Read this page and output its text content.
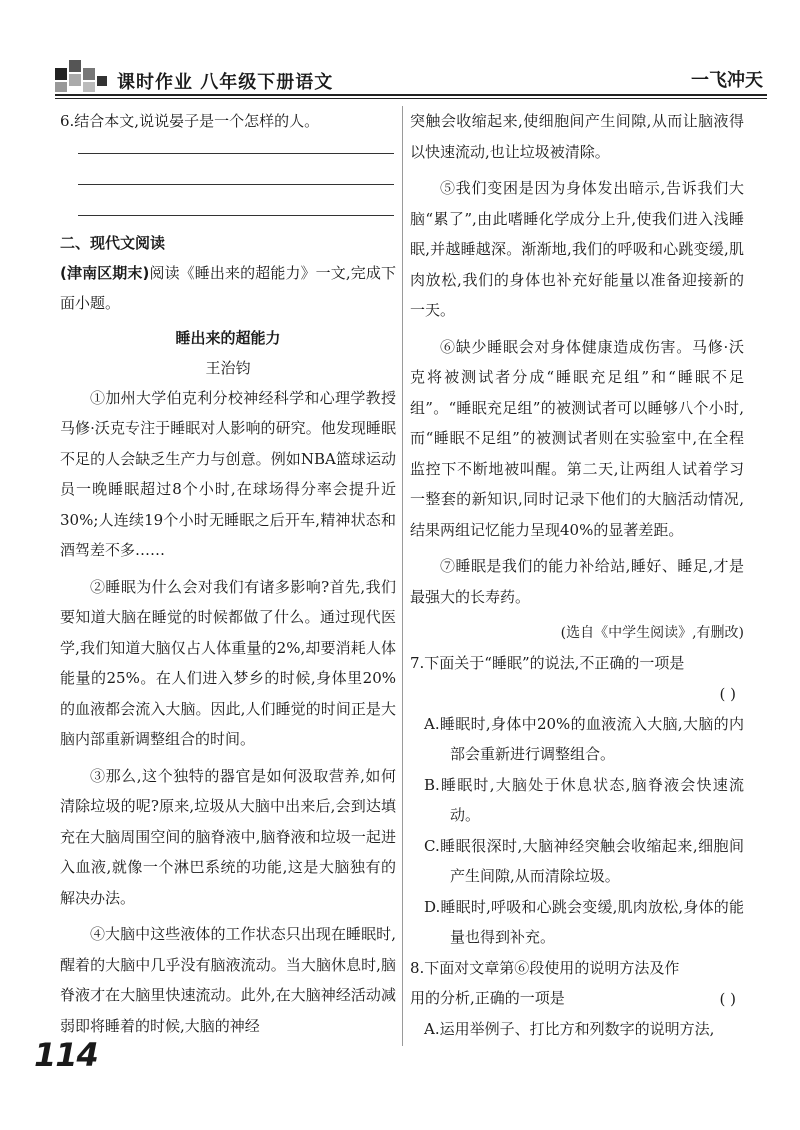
课时作业 八年级下册语文	一飞冲天

6.结合本文,说说晏子是一个怎样的人。

二、现代文阅读

(津南区期末)阅读《睡出来的超能力》一文,完成下面小题。

睡出来的超能力

王治钧

①加州大学伯克利分校神经科学和心理学教授马修·沃克专注于睡眠对人影响的研究。他发现睡眠不足的人会缺乏生产力与创意。例如NBA篮球运动员一晚睡眠超过8个小时,在球场得分率会提升近30%;人连续19个小时无睡眠之后开车,精神状态和酒驾差不多……

②睡眠为什么会对我们有诸多影响?首先,我们要知道大脑在睡觉的时候都做了什么。通过现代医学,我们知道大脑仅占人体重量的2%,却要消耗人体能量的25%。在人们进入梦乡的时候,身体里20%的血液都会流入大脑。因此,人们睡觉的时间正是大脑内部重新调整组合的时间。

③那么,这个独特的器官是如何汲取营养,如何清除垃圾的呢?原来,垃圾从大脑中出来后,会到达填充在大脑周围空间的脑脊液中,脑脊液和垃圾一起进入血液,就像一个淋巴系统的功能,这是大脑独有的解决办法。

④大脑中这些液体的工作状态只出现在睡眠时,醒着的大脑中几乎没有脑液流动。当大脑休息时,脑脊液才在大脑里快速流动。此外,在大脑神经活动减弱即将睡着的时候,大脑的神经

突触会收缩起来,使细胞间产生间隙,从而让脑液得以快速流动,也让垃圾被清除。

⑤我们变困是因为身体发出暗示,告诉我们大脑“累了”,由此嗜睡化学成分上升,使我们进入浅睡眠,并越睡越深。渐渐地,我们的呼吸和心跳变缓,肌肉放松,我们的身体也补充好能量以准备迎接新的一天。

⑥缺少睡眠会对身体健康造成伤害。马修·沃克将被测试者分成“睡眠充足组”和“睡眠不足组”。“睡眠充足组”的被测试者可以睡够八个小时,而“睡眠不足组”的被测试者则在实验室中,在全程监控下不断地被叫醒。第二天,让两组人试着学习一整套的新知识,同时记录下他们的大脑活动情况,结果两组记忆能力呈现40%的显著差距。

⑦睡眠是我们的能力补给站,睡好、睡足,才是最强大的长寿药。

(选自《中学生阅读》,有删改)

7.下面关于“睡眠”的说法,不正确的一项是

( )

A.睡眠时,身体中20%的血液流入大脑,大脑的内部会重新进行调整组合。

B.睡眠时,大脑处于休息状态,脑脊液会快速流动。

C.睡眠很深时,大脑神经突触会收缩起来,细胞间产生间隙,从而清除垃圾。

D.睡眠时,呼吸和心跳会变缓,肌肉放松,身体的能量也得到补充。

8.下面对文章第⑥段使用的说明方法及作用的分析,正确的一项是	( )

A.运用举例子、打比方和列数字的说明方法,

114
